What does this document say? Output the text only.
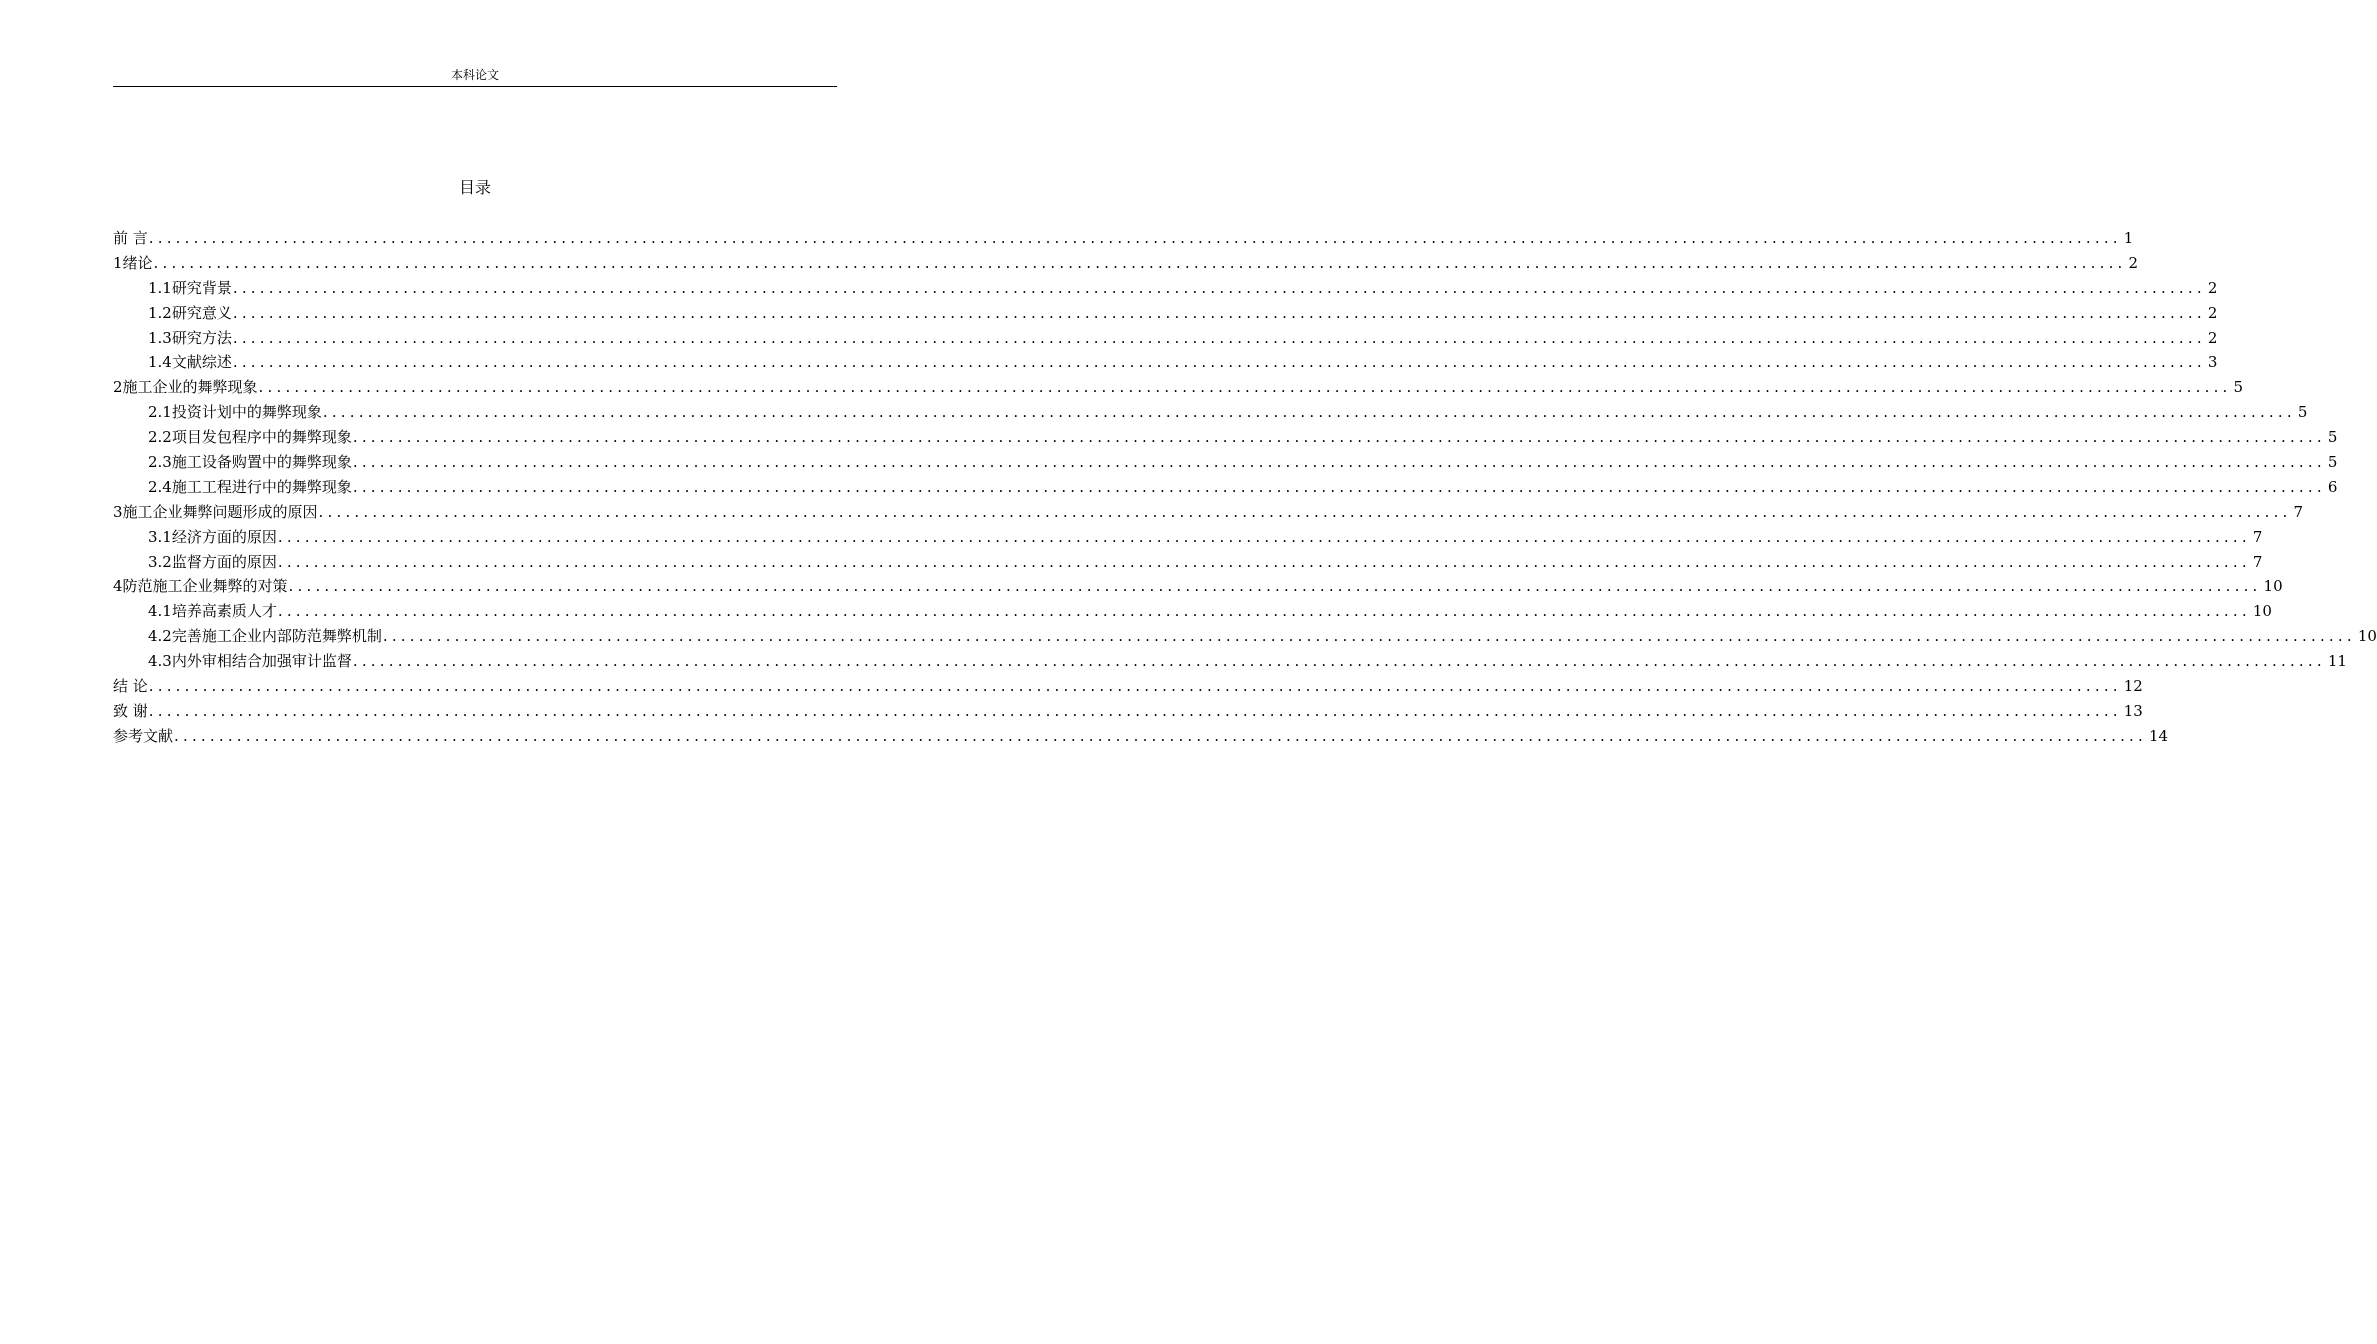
本科论文
目录
前 言 ............................................................................................................................................................................................................................ 1
1绪论 ............................................................................................................................................................................................................................ 2
1.1研究背景 ............................................................................................................................................................................................................................ 2
1.2研究意义 ............................................................................................................................................................................................................................ 2
1.3研究方法 ............................................................................................................................................................................................................................ 2
1.4文献综述 ............................................................................................................................................................................................................................ 3
2施工企业的舞弊现象 ............................................................................................................................................................................................................................ 5
2.1投资计划中的舞弊现象 ............................................................................................................................................................................................................................ 5
2.2项目发包程序中的舞弊现象 ............................................................................................................................................................................................................................ 5
2.3施工设备购置中的舞弊现象 ............................................................................................................................................................................................................................ 5
2.4施工工程进行中的舞弊现象 ............................................................................................................................................................................................................................ 6
3施工企业舞弊问题形成的原因 ............................................................................................................................................................................................................................ 7
3.1经济方面的原因 ............................................................................................................................................................................................................................ 7
3.2监督方面的原因 ............................................................................................................................................................................................................................ 7
4防范施工企业舞弊的对策 ............................................................................................................................................................................................................................ 10
4.1培养高素质人才 ............................................................................................................................................................................................................................ 10
4.2完善施工企业内部防范舞弊机制 ............................................................................................................................................................................................................................ 10
4.3内外审相结合加强审计监督 ............................................................................................................................................................................................................................ 11
结 论 ............................................................................................................................................................................................................................ 12
致 谢 ............................................................................................................................................................................................................................ 13
参考文献 ............................................................................................................................................................................................................................ 14
